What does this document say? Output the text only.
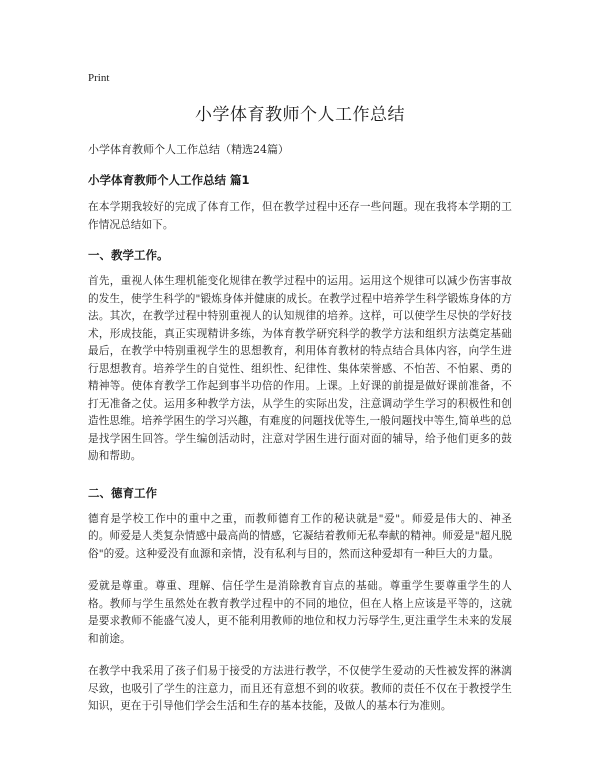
Print
小学体育教师个人工作总结
小学体育教师个人工作总结（精选24篇）
小学体育教师个人工作总结 篇1

在本学期我较好的完成了体育工作，但在教学过程中还存一些问题。现在我将本学期的工作情况总结如下。

一、教学工作。

首先，重视人体生理机能变化规律在教学过程中的运用。运用这个规律可以减少伤害事故的发生，使学生科学的"锻炼身体并健康的成长。在教学过程中培养学生科学锻炼身体的方法。其次，在教学过程中特别重视人的认知规律的培养。这样，可以使学生尽快的学好技术，形成技能，真正实现精讲多练，为体育教学研究科学的教学方法和组织方法奠定基础最后，在教学中特别重视学生的思想教育，利用体育教材的特点结合具体内容，向学生进行思想教育。培养学生的自觉性、组织性、纪律性、集体荣誉感、不怕苦、不怕累、勇的精神等。使体育教学工作起到事半功倍的作用。上课。上好课的前提是做好课前准备，不打无准备之仗。运用多种教学方法，从学生的实际出发，注意调动学生学习的积极性和创造性思维。培养学困生的学习兴趣，有难度的问题找优等生,一般问题找中等生,简单些的总是找学困生回答。学生编创活动时，注意对学困生进行面对面的辅导，给予他们更多的鼓励和帮助。

二、德育工作

德育是学校工作中的重中之重，而教师德育工作的秘诀就是"爱"。师爱是伟大的、神圣的。师爱是人类复杂情感中最高尚的情感，它凝结着教师无私奉献的精神。师爱是"超凡脱俗"的爱。这种爱没有血源和亲情，没有私利与目的，然而这种爱却有一种巨大的力量。

爱就是尊重。尊重、理解、信任学生是消除教育盲点的基础。尊重学生要尊重学生的人格。教师与学生虽然处在教育教学过程中的不同的地位，但在人格上应该是平等的，这就是要求教师不能盛气凌人，更不能利用教师的地位和权力污辱学生,更注重学生未来的发展和前途。

在教学中我采用了孩子们易于接受的方法进行教学，不仅使学生爱动的天性被发挥的淋漓尽致，也吸引了学生的注意力，而且还有意想不到的收获。教师的责任不仅在于教授学生知识，更在于引导他们学会生活和生存的基本技能，及做人的基本行为准则。
